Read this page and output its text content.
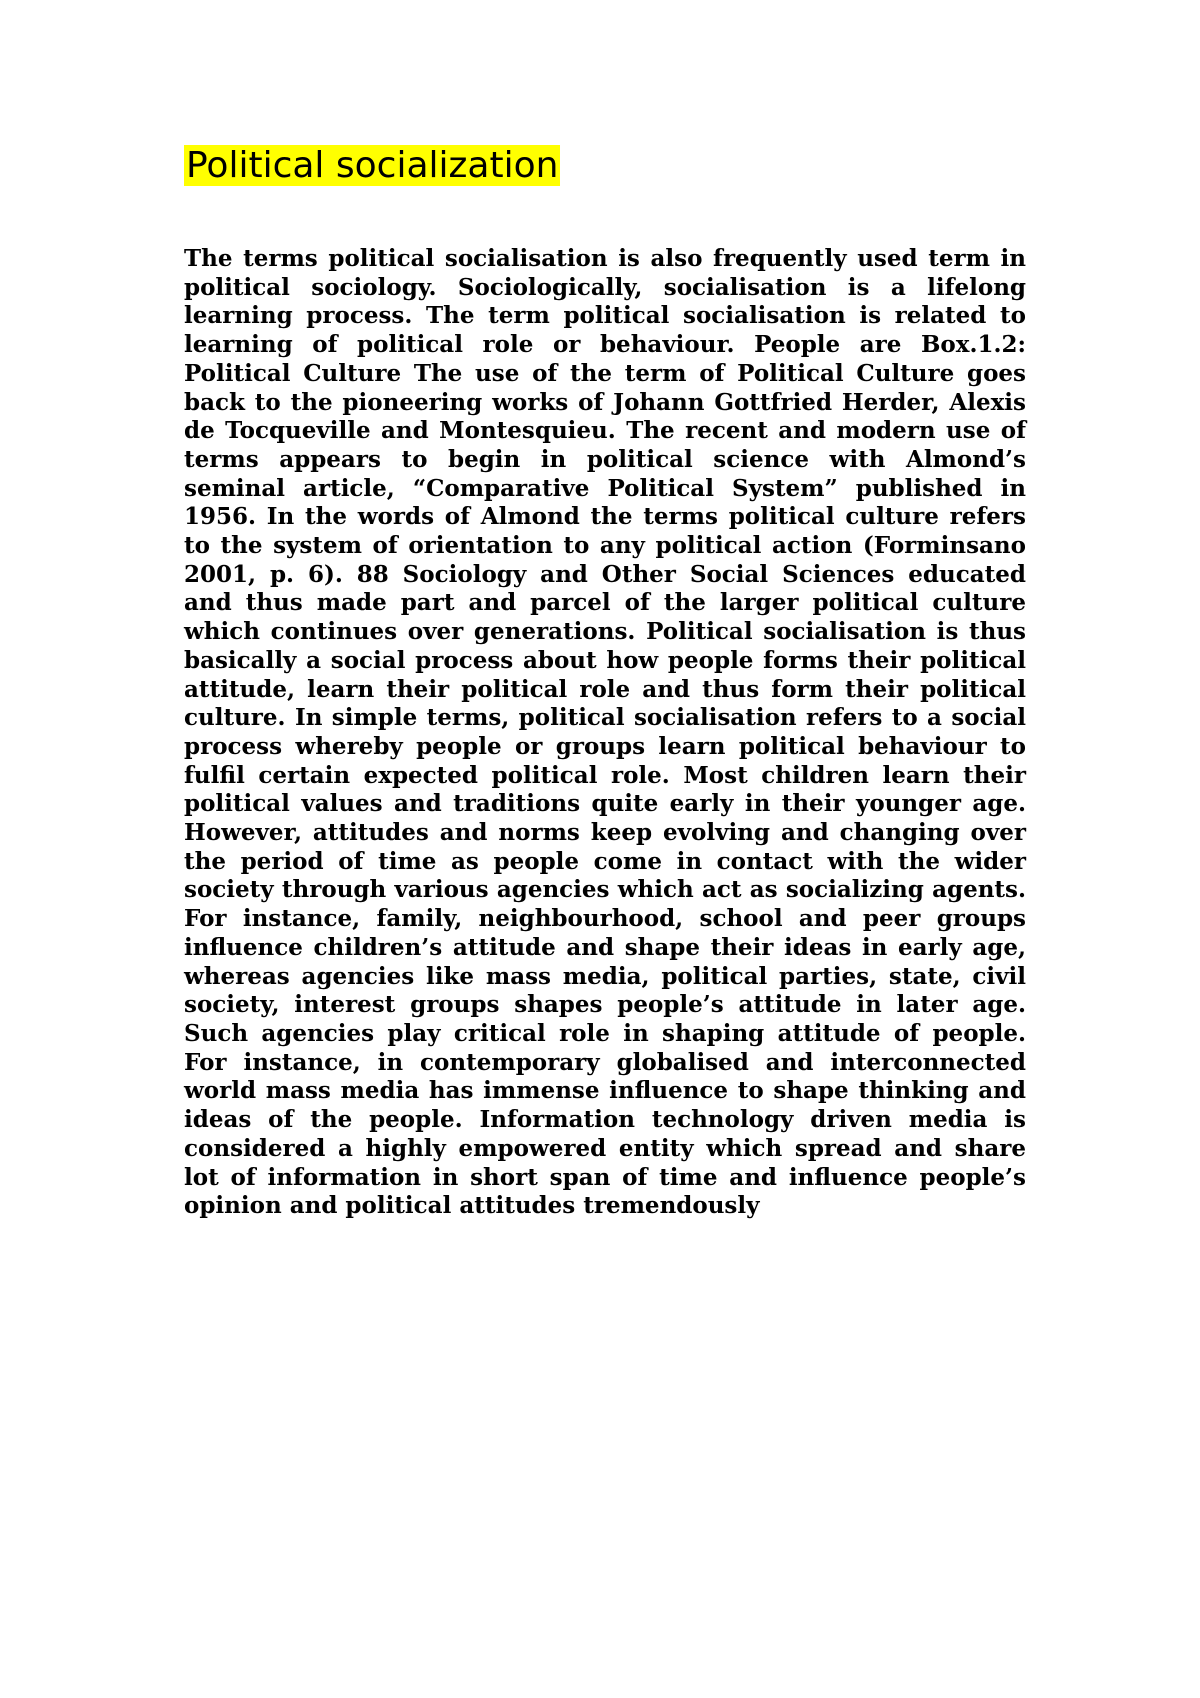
Political socialization

The terms political socialisation is also frequently used term in political sociology. Sociologically, socialisation is a lifelong learning process. The term political socialisation is related to learning of political role or behaviour. People are Box.1.2: Political Culture The use of the term of Political Culture goes back to the pioneering works of Johann Gottfried Herder, Alexis de Tocqueville and Montesquieu. The recent and modern use of terms appears to begin in political science with Almond’s seminal article, “Comparative Political System” published in 1956. In the words of Almond the terms political culture refers to the system of orientation to any political action (Forminsano 2001, p. 6). 88 Sociology and Other Social Sciences educated and thus made part and parcel of the larger political culture which continues over generations. Political socialisation is thus basically a social process about how people forms their political attitude, learn their political role and thus form their political culture. In simple terms, political socialisation refers to a social process whereby people or groups learn political behaviour to fulfil certain expected political role. Most children learn their political values and traditions quite early in their younger age. However, attitudes and norms keep evolving and changing over the period of time as people come in contact with the wider society through various agencies which act as socializing agents. For instance, family, neighbourhood, school and peer groups influence children’s attitude and shape their ideas in early age, whereas agencies like mass media, political parties, state, civil society, interest groups shapes people’s attitude in later age. Such agencies play critical role in shaping attitude of people. For instance, in contemporary globalised and interconnected world mass media has immense influence to shape thinking and ideas of the people. Information technology driven media is considered a highly empowered entity which spread and share lot of information in short span of time and influence people’s opinion and political attitudes tremendously
